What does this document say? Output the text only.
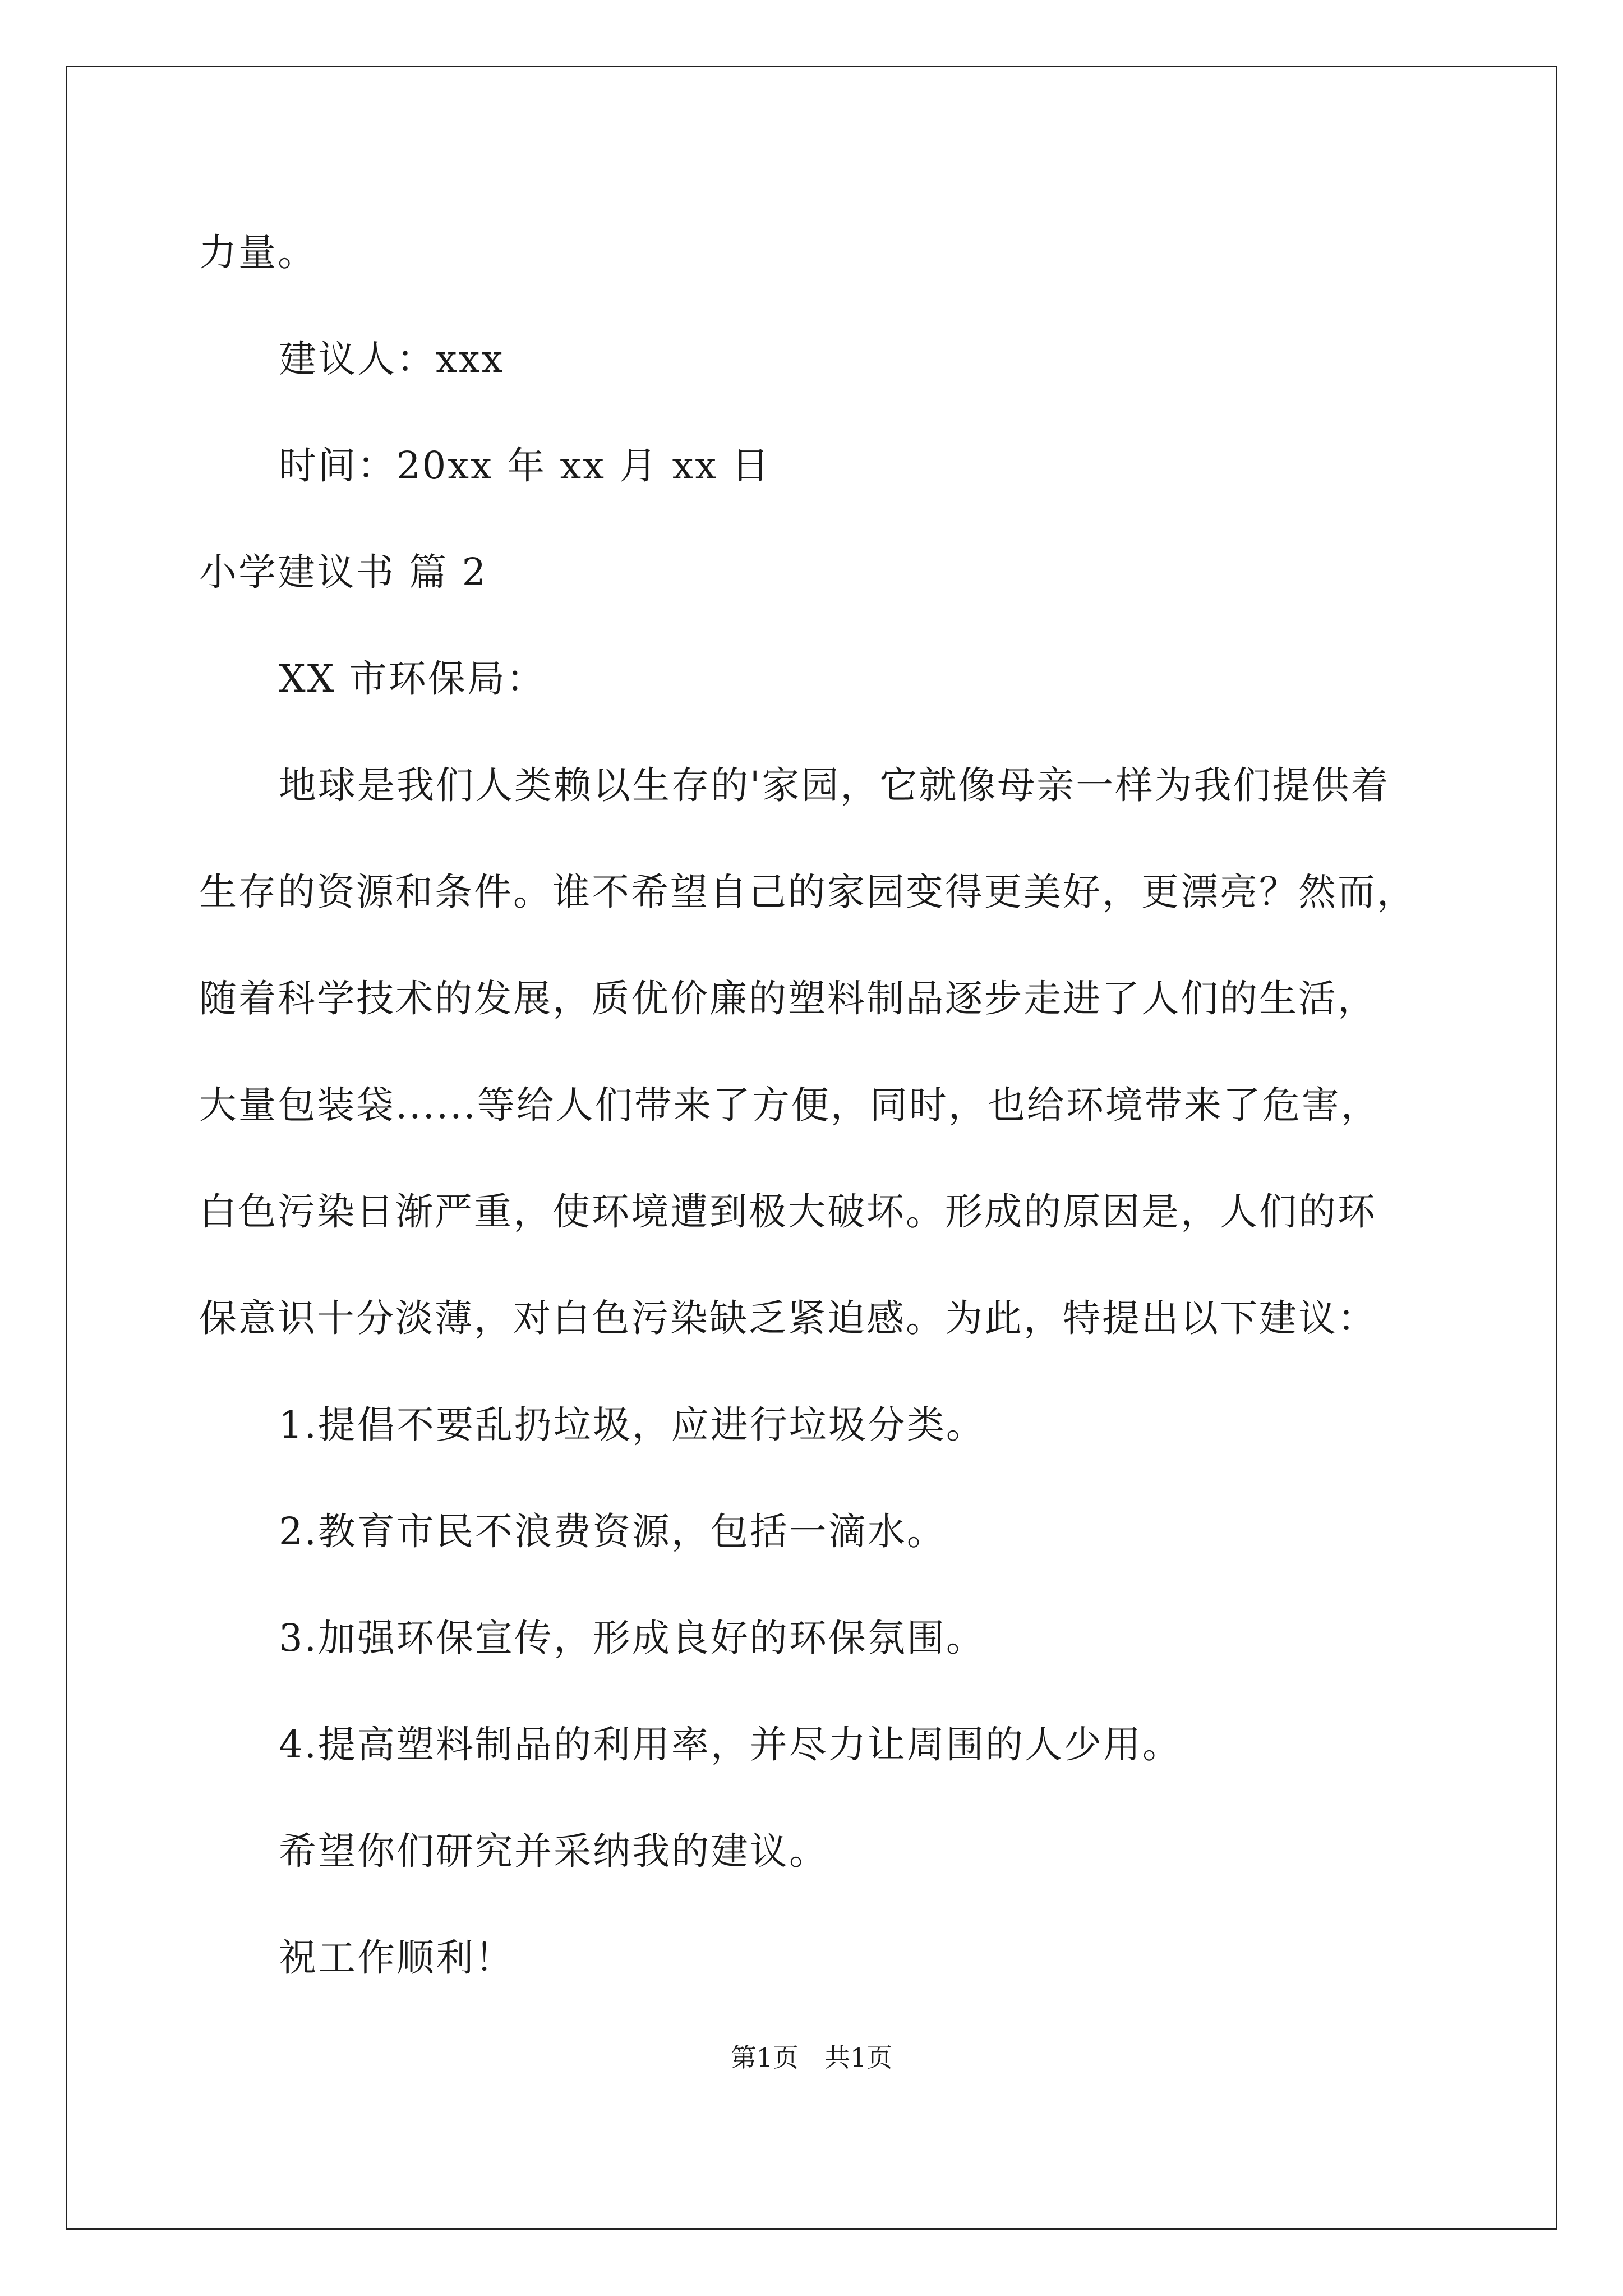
力量。
建议人：xxx
时间：20xx 年 xx 月 xx 日
小学建议书 篇 2
XX 市环保局：
地球是我们人类赖以生存的'家园，它就像母亲一样为我们提供着
生存的资源和条件。谁不希望自己的家园变得更美好，更漂亮？然而，
随着科学技术的发展，质优价廉的塑料制品逐步走进了人们的生活，
大量包装袋......等给人们带来了方便，同时，也给环境带来了危害，
白色污染日渐严重，使环境遭到极大破坏。形成的原因是，人们的环
保意识十分淡薄，对白色污染缺乏紧迫感。为此，特提出以下建议：
1.提倡不要乱扔垃圾，应进行垃圾分类。
2.教育市民不浪费资源，包括一滴水。
3.加强环保宣传，形成良好的环保氛围。
4.提高塑料制品的利用率，并尽力让周围的人少用。
希望你们研究并采纳我的建议。
祝工作顺利！
第1页　共1页
